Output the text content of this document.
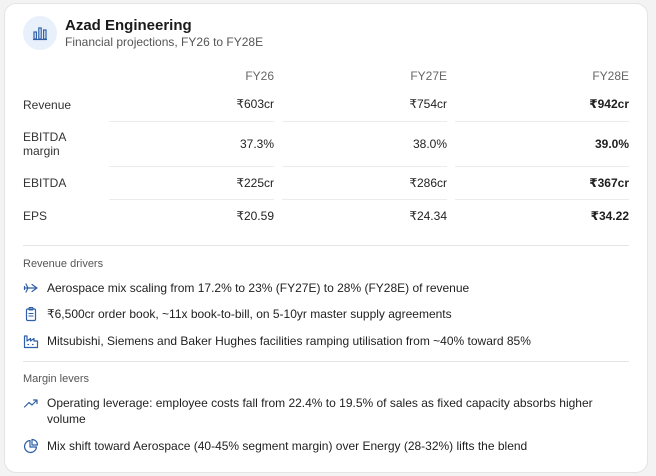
Azad Engineering
Financial projections, FY26 to FY28E
	FY26		FY27E		FY28E
Revenue	₹603cr		₹754cr		₹942cr
EBITDA margin	37.3%		38.0%		39.0%
EBITDA	₹225cr		₹286cr		₹367cr
EPS	₹20.59		₹24.34		₹34.22
Revenue drivers
Aerospace mix scaling from 17.2% to 23% (FY27E) to 28% (FY28E) of revenue
₹6,500cr order book, ~11x book-to-bill, on 5-10yr master supply agreements
Mitsubishi, Siemens and Baker Hughes facilities ramping utilisation from ~40% toward 85%
Margin levers
Operating leverage: employee costs fall from 22.4% to 19.5% of sales as fixed capacity absorbs higher volume
Mix shift toward Aerospace (40-45% segment margin) over Energy (28-32%) lifts the blend
